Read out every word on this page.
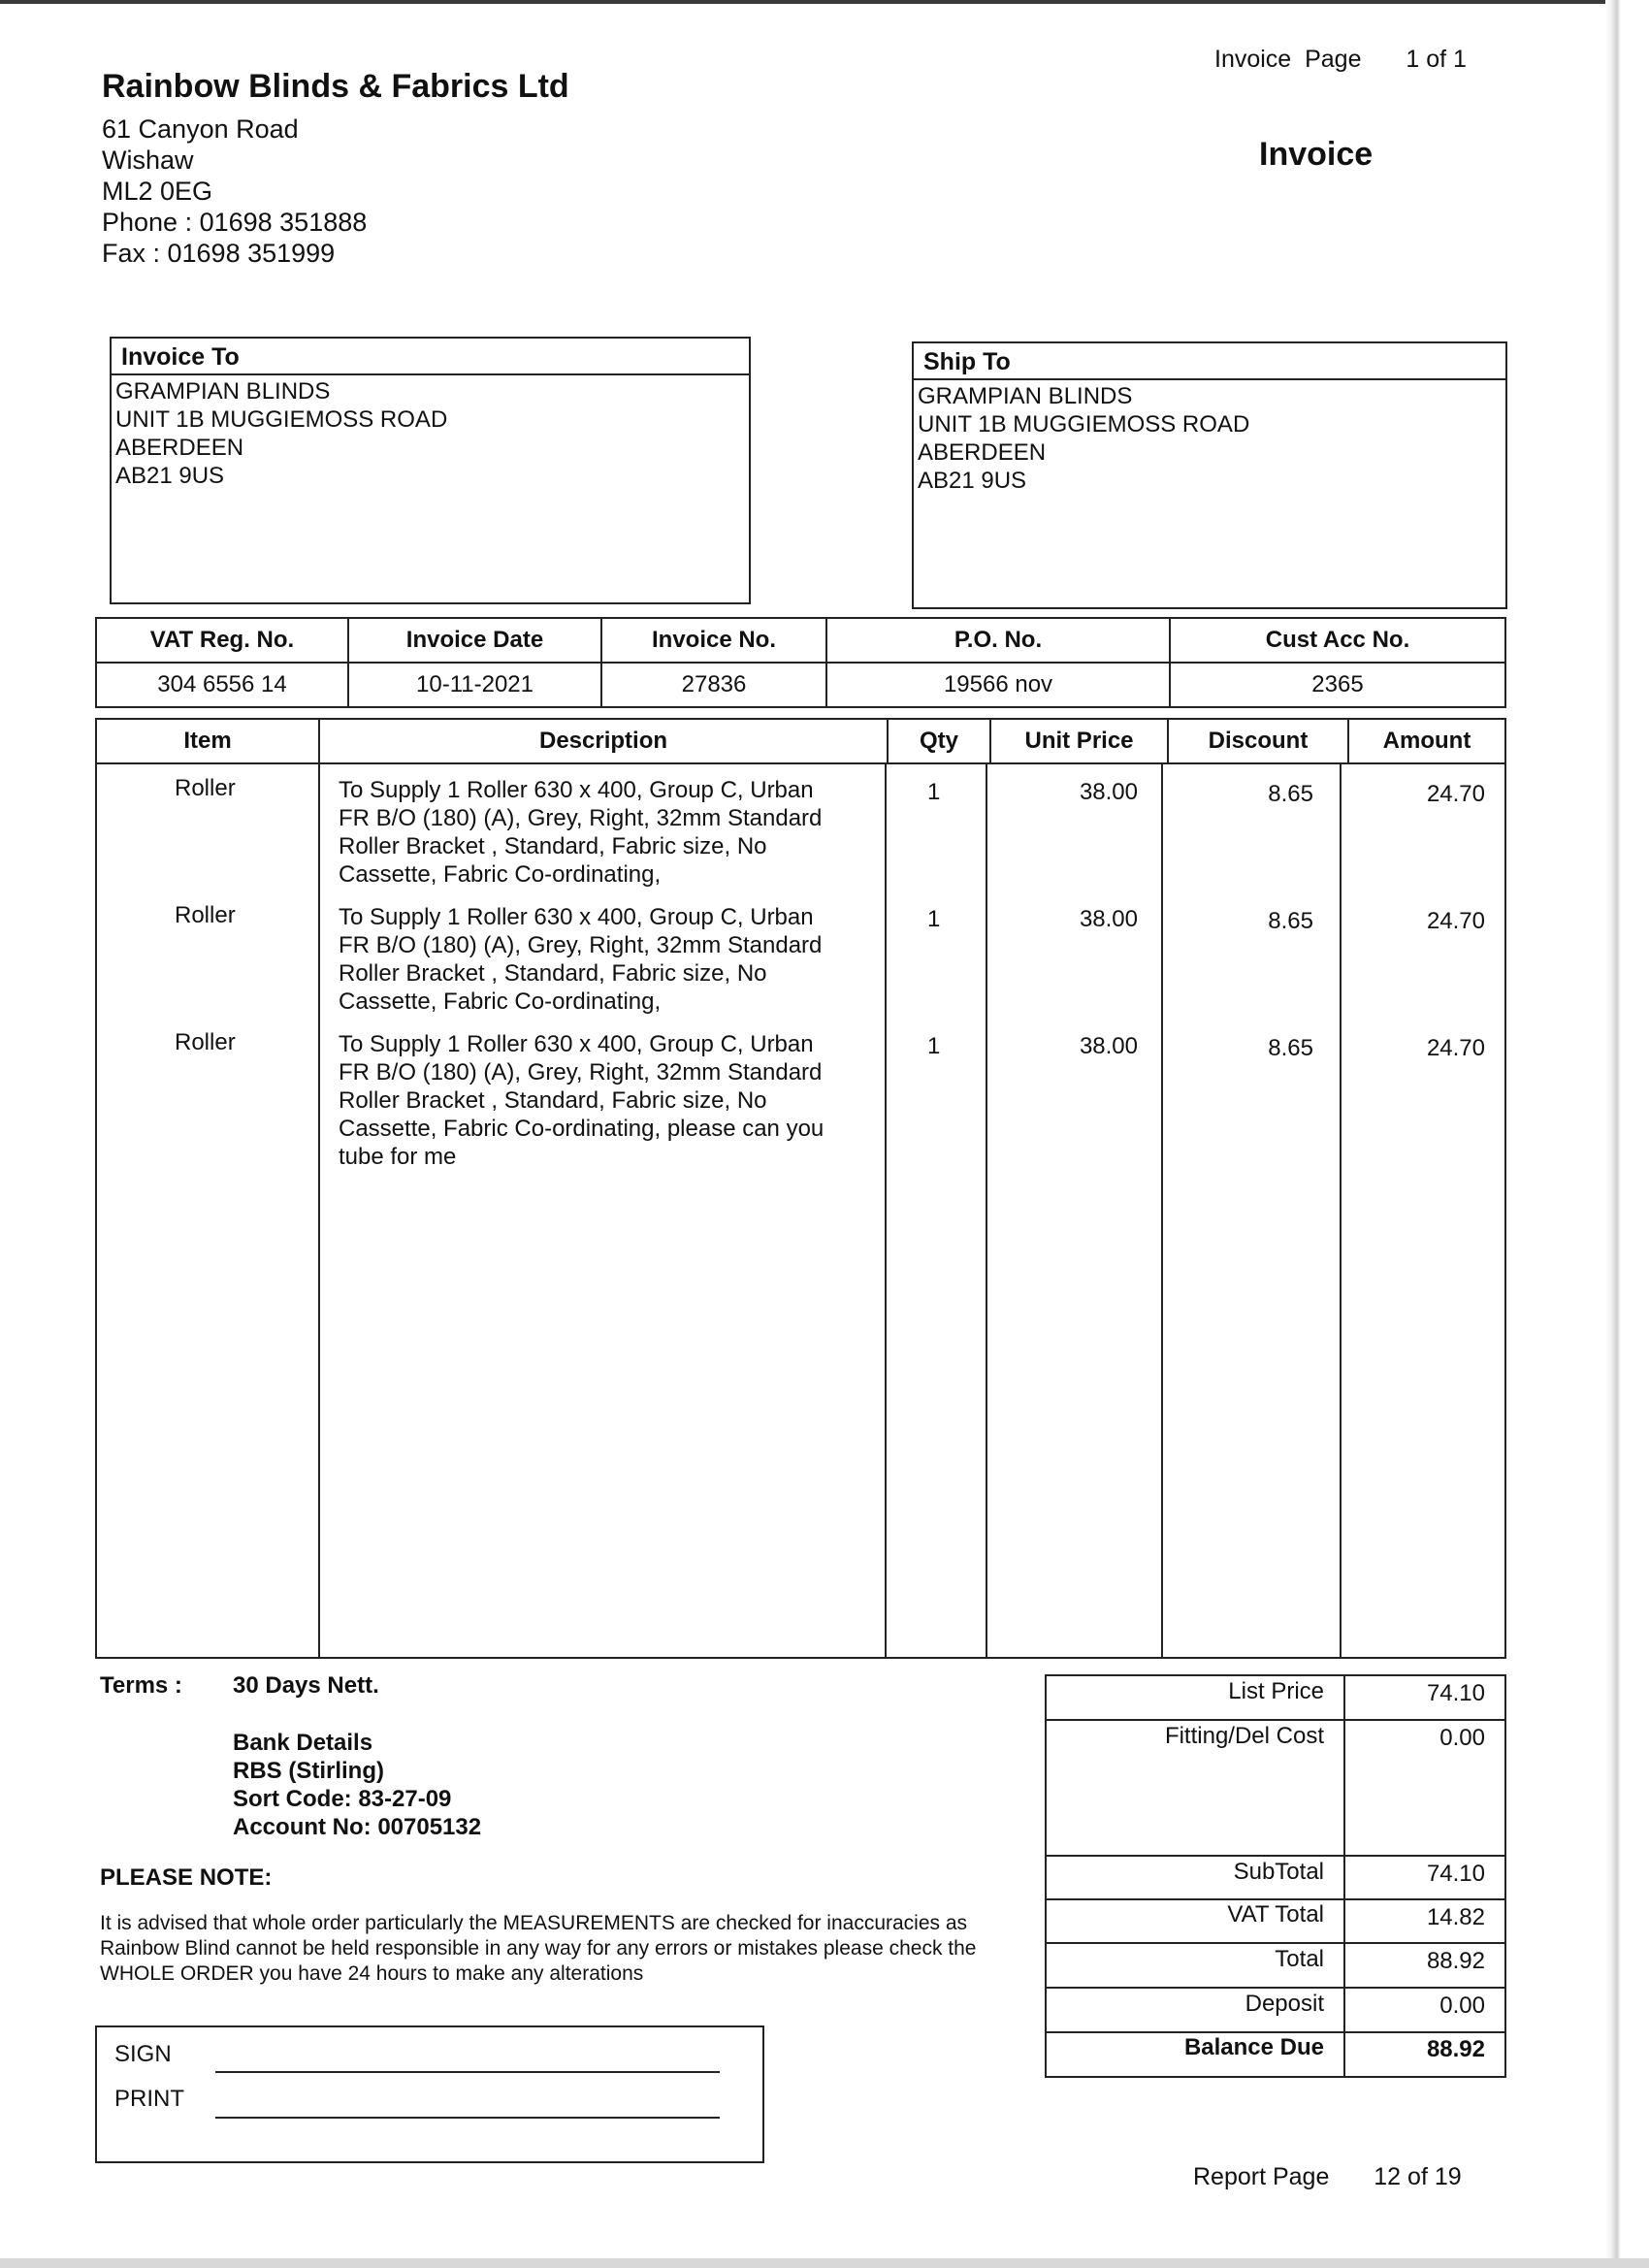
Rainbow Blinds & Fabrics Ltd
61 Canyon Road
Wishaw
ML2 0EG
Phone : 01698 351888
Fax : 01698 351999
Invoice  Page 1 of 1
Invoice
Invoice To
GRAMPIAN BLINDS
UNIT 1B MUGGIEMOSS ROAD
ABERDEEN
AB21 9US
Ship To
GRAMPIAN BLINDS
UNIT 1B MUGGIEMOSS ROAD
ABERDEEN
AB21 9US
VAT Reg. No.	Invoice Date	Invoice No.	P.O. No.	Cust Acc No.
304 6556 14	10-11-2021	27836	19566 nov	2365
Item	Description	Qty	Unit Price	Discount	Amount
Roller	To Supply 1 Roller 630 x 400, Group C, Urban
FR B/O (180) (A), Grey, Right, 32mm Standard
Roller Bracket , Standard, Fabric size, No
Cassette, Fabric Co-ordinating,
1	38.00	8.65	24.70
Roller	To Supply 1 Roller 630 x 400, Group C, Urban
FR B/O (180) (A), Grey, Right, 32mm Standard
Roller Bracket , Standard, Fabric size, No
Cassette, Fabric Co-ordinating,
1	38.00	8.65	24.70
Roller	To Supply 1 Roller 630 x 400, Group C, Urban
FR B/O (180) (A), Grey, Right, 32mm Standard
Roller Bracket , Standard, Fabric size, No
Cassette, Fabric Co-ordinating, please can you
tube for me
1	38.00	8.65	24.70
Terms : 30 Days Nett.
Bank Details
RBS (Stirling)
Sort Code: 83-27-09
Account No: 00705132
PLEASE NOTE:
It is advised that whole order particularly the MEASUREMENTS are checked for inaccuracies as Rainbow Blind cannot be held responsible in any way for any errors or mistakes please check the WHOLE ORDER you have 24 hours to make any alterations
SIGN
PRINT
List Price	74.10
Fitting/Del Cost	0.00
SubTotal	74.10
VAT Total	14.82
Total	88.92
Deposit	0.00
Balance Due	88.92
Report Page 12 of 19
